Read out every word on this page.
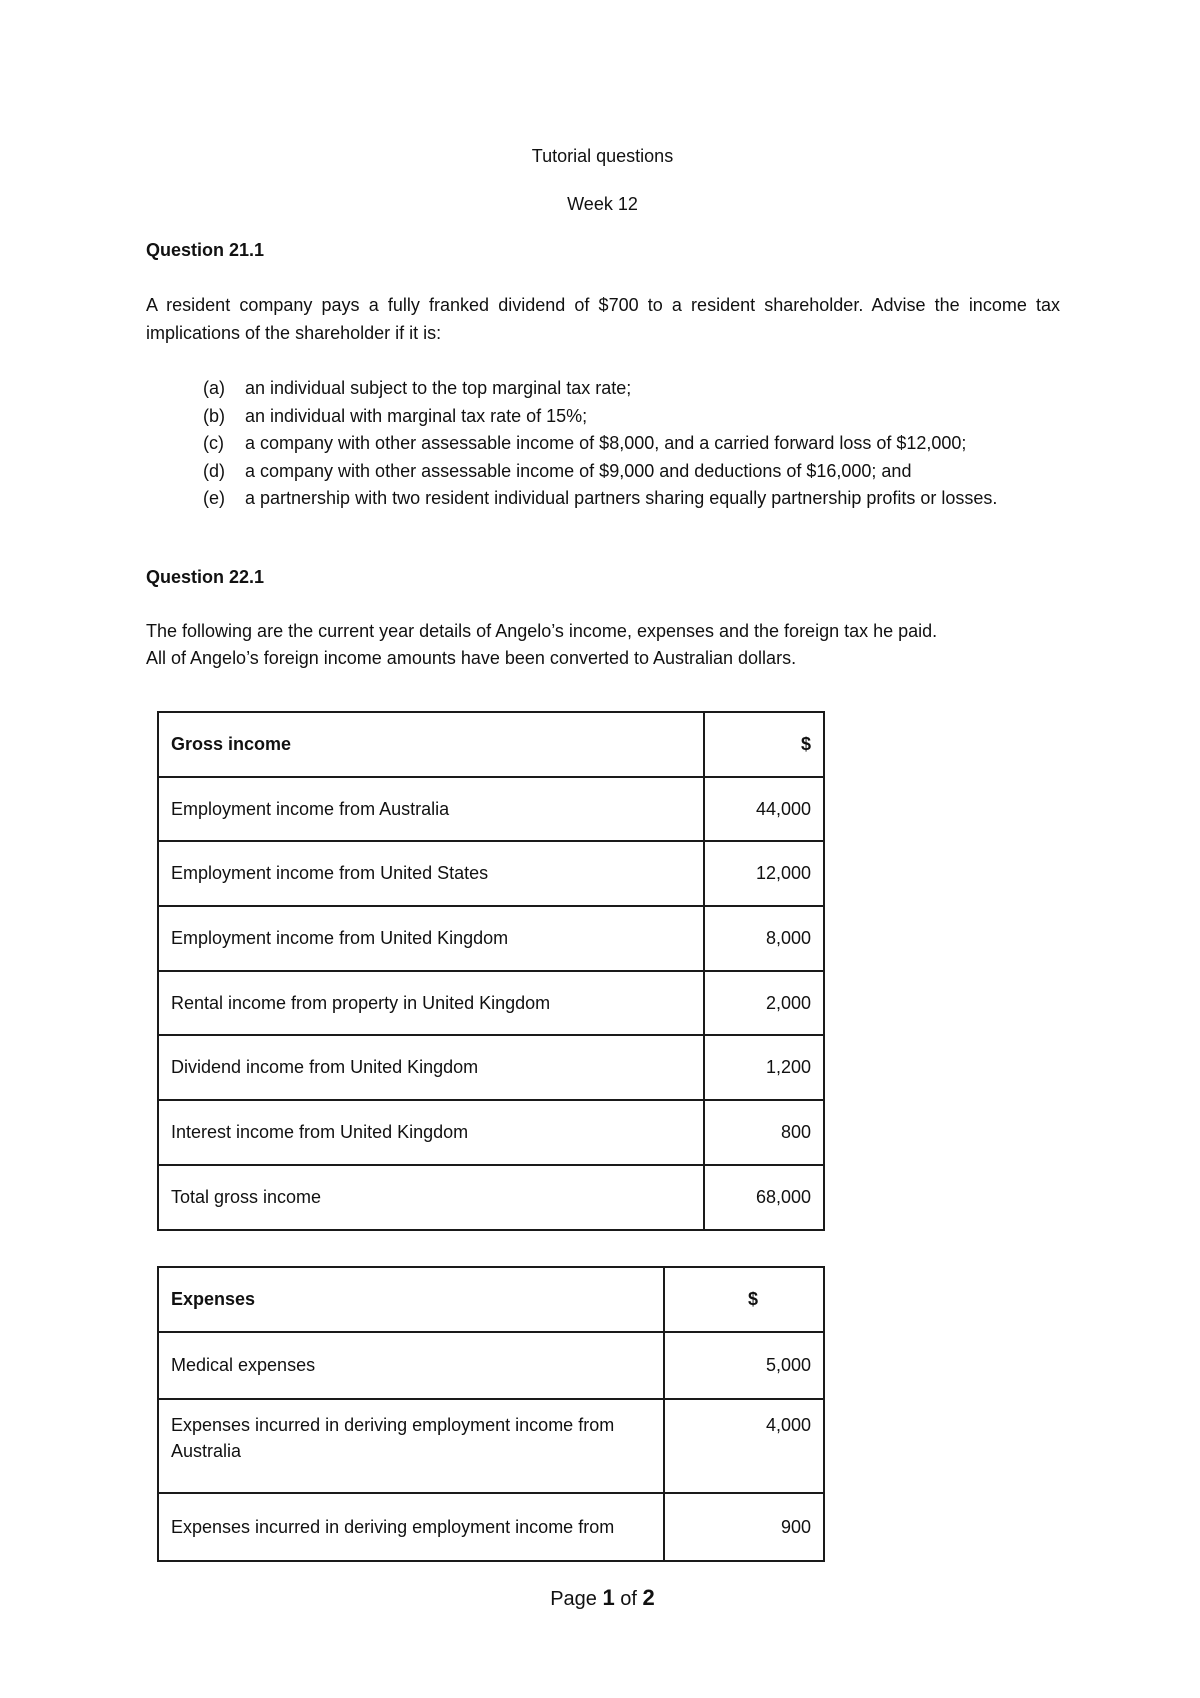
Tutorial questions
Week 12
Question 21.1
A resident company pays a fully franked dividend of $700 to a resident shareholder. Advise the income tax implications of the shareholder if it is:
(a) an individual subject to the top marginal tax rate;
(b) an individual with marginal tax rate of 15%;
(c) a company with other assessable income of $8,000, and a carried forward loss of $12,000;
(d) a company with other assessable income of $9,000 and deductions of $16,000; and
(e) a partnership with two resident individual partners sharing equally partnership profits or losses.
Question 22.1
The following are the current year details of Angelo’s income, expenses and the foreign tax he paid.
All of Angelo’s foreign income amounts have been converted to Australian dollars.
Gross income	$
Employment income from Australia	44,000
Employment income from United States	12,000
Employment income from United Kingdom	8,000
Rental income from property in United Kingdom	2,000
Dividend income from United Kingdom	1,200
Interest income from United Kingdom	800
Total gross income	68,000
Expenses	$
Medical expenses	5,000
Expenses incurred in deriving employment income from Australia	4,000
Expenses incurred in deriving employment income from	900
Page 1 of 2
